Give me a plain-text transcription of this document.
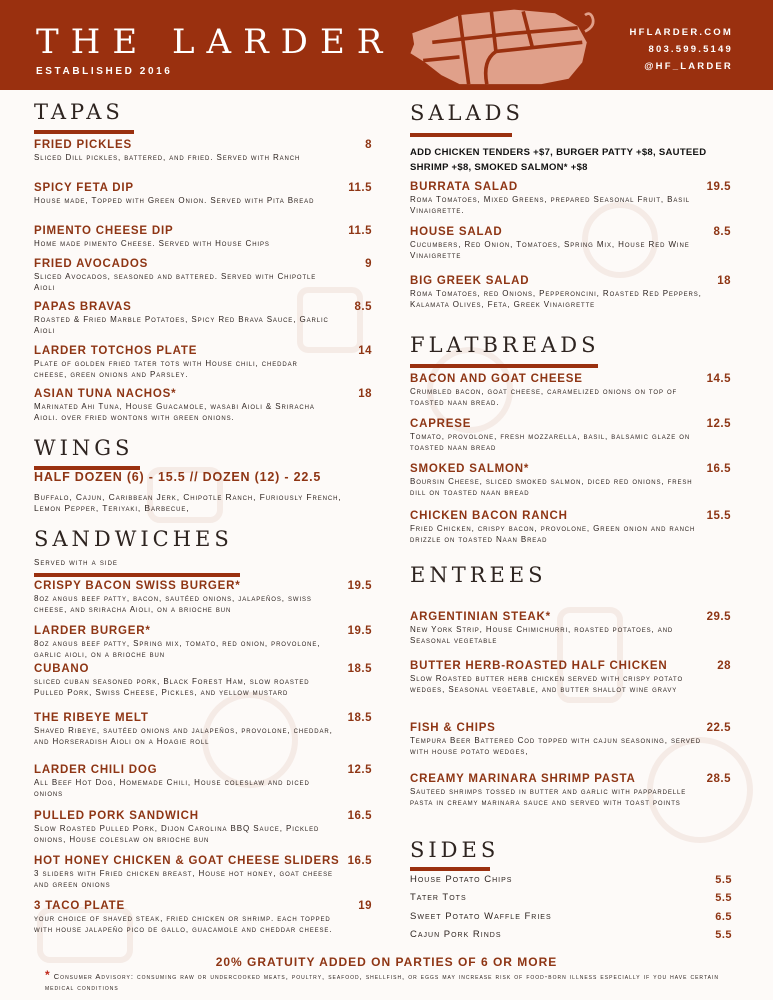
THE LARDER
ESTABLISHED 2016
HFLARDER.COM
803.599.5149
@HF_LARDER
TAPAS
WINGS
SANDWICHES
Served with a side
SALADS
ADD CHICKEN TENDERS +$7, BURGER PATTY +$8, SAUTEED SHRIMP +$8, SMOKED SALMON* +$8
FLATBREADS
ENTREES
SIDES
FRIED PICKLES	8
Sliced Dill pickles, battered, and fried. Served with Ranch
SPICY FETA DIP	11.5
House made, Topped with Green Onion. Served with Pita Bread
PIMENTO CHEESE DIP	11.5
Home made pimento Cheese. Served with House Chips
FRIED AVOCADOS	9
Sliced Avocados, seasoned and battered. Served with Chipotle Aioli
PAPAS BRAVAS	8.5
Roasted & Fried Marble Potatoes, Spicy Red Brava Sauce, Garlic Aioli
LARDER TOTCHOS PLATE	14
Plate of golden fried tater tots with House chili, cheddar cheese, green onions and Parsley.
ASIAN TUNA NACHOS*	18
Marinated Ahi Tuna, House Guacamole, wasabi Aioli & Sriracha Aioli. over fried wontons with green onions.
HALF DOZEN (6) - 15.5 // DOZEN (12) - 22.5
Buffalo, Cajun, Caribbean Jerk, Chipotle Ranch, Furiously French, Lemon Pepper, Teriyaki, Barbecue,
CRISPY BACON SWISS BURGER*	19.5
8oz angus beef patty, bacon, sautéed onions, jalapeños, swiss cheese, and sriracha Aioli, on a brioche bun
LARDER BURGER*	19.5
8oz angus beef patty, Spring mix, tomato, red onion, provolone, garlic aioli, on a brioche bun
CUBANO	18.5
sliced cuban seasoned pork, Black Forest Ham, slow roasted Pulled Pork, Swiss Cheese, Pickles, and yellow mustard
THE RIBEYE MELT	18.5
Shaved Ribeye, sautéed onions and jalapeños, provolone, cheddar, and Horseradish Aioli on a Hoagie roll
LARDER CHILI DOG	12.5
All Beef Hot Dog, Homemade Chili, House coleslaw and diced onions
PULLED PORK SANDWICH	16.5
Slow Roasted Pulled Pork, Dijon Carolina BBQ Sauce, Pickled onions, House coleslaw on brioche bun
HOT HONEY CHICKEN & GOAT CHEESE SLIDERS 16.5
3 sliders with Fried chicken breast, House hot honey, goat cheese and green onions
3 TACO PLATE	19
your choice of shaved steak, fried chicken or shrimp. each topped with house jalapeño pico de gallo, guacamole and cheddar cheese.
BURRATA SALAD	19.5
Roma Tomatoes, Mixed Greens, prepared Seasonal Fruit, Basil Vinaigrette.
HOUSE SALAD	8.5
Cucumbers, Red Onion, Tomatoes, Spring Mix, House Red Wine Vinaigrette
BIG GREEK SALAD	18
Roma Tomatoes, red Onions, Pepperoncini, Roasted Red Peppers, Kalamata Olives, Feta, Greek Vinaigrette
BACON AND GOAT CHEESE	14.5
Crumbled bacon, goat cheese, caramelized onions on top of toasted naan bread.
CAPRESE	12.5
Tomato, provolone, fresh mozzarella, basil, balsamic glaze on toasted naan bread
SMOKED SALMON*	16.5
Boursin Cheese, sliced smoked salmon, diced red onions, fresh dill on toasted naan bread
CHICKEN BACON RANCH	15.5
Fried Chicken, crispy bacon, provolone, Green onion and ranch drizzle on toasted Naan Bread
ARGENTINIAN STEAK*	29.5
New York Strip, House Chimichurri, roasted potatoes, and Seasonal vegetable
BUTTER HERB-ROASTED HALF CHICKEN	28
Slow Roasted butter herb chicken served with crispy potato wedges, Seasonal vegetable, and butter shallot wine gravy
FISH & CHIPS	22.5
Tempura Beer Battered Cod topped with cajun seasoning, served with house potato wedges,
CREAMY MARINARA SHRIMP PASTA	28.5
Sauteed shrimps tossed in butter and garlic with pappardelle pasta in creamy marinara sauce and served with toast points
House Potato Chips	5.5
Tater Tots	5.5
Sweet Potato Waffle Fries	6.5
Cajun Pork Rinds	5.5
20% GRATUITY ADDED ON PARTIES OF 6 OR MORE
* Consumer Advisory: consuming raw or undercooked meats, poultry, seafood, shellfish, or eggs may increase risk of food-born illness especially if you have certain medical conditions
